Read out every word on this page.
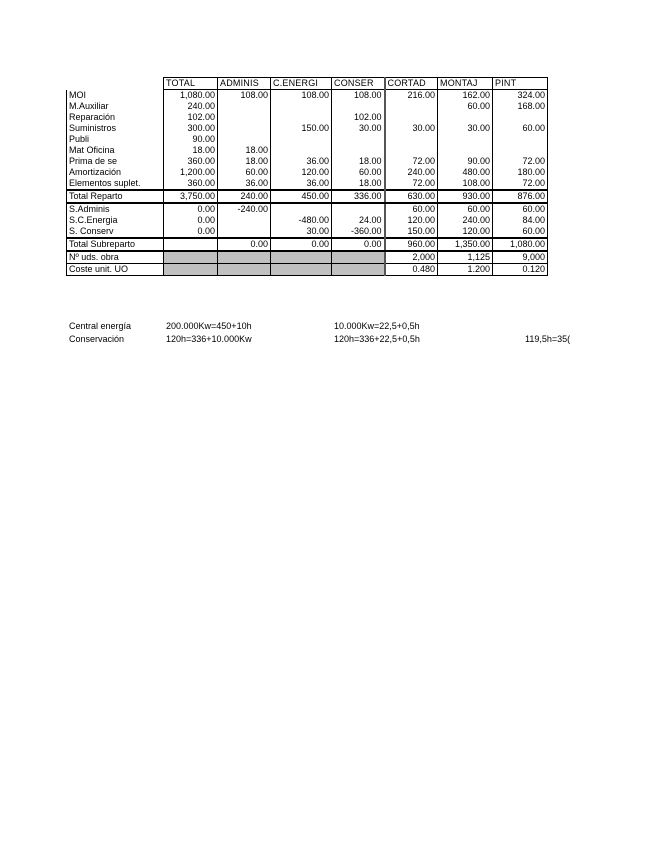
	TOTAL	ADMINIS	C.ENERGI	CONSER	CORTAD	MONTAJ	PINT
MOI	1,080.00	108.00	108.00	108.00	216.00	162.00	324.00
M.Auxiliar	240.00					60.00	168.00
Reparación	102.00			102.00			
Suministros	300.00		150.00	30.00	30.00	30.00	60.00
Publi	90.00						
Mat Oficina	18.00	18.00					
Prima de se	360.00	18.00	36.00	18.00	72.00	90.00	72.00
Amortización	1,200.00	60.00	120.00	60.00	240.00	480.00	180.00
Elementos suplet.	360.00	36.00	36.00	18.00	72.00	108.00	72.00
Total Reparto	3,750.00	240.00	450.00	336.00	630.00	930.00	876.00
S.Adminis	0.00	-240.00			60.00	60.00	60.00
S.C.Energia	0.00		-480.00	24.00	120.00	240.00	84.00
S. Conserv	0.00		30.00	-360.00	150.00	120.00	60.00
Total Subreparto		0.00	0.00	0.00	960.00	1,350.00	1,080.00
Nº uds. obra					2,000	1,125	9,000
Coste unit. UO					0.480	1.200	0.120
Central energía	200.000Kw=450+10h	10.000Kw=22,5+0,5h
Conservación	120h=336+10.000Kw	120h=336+22,5+0,5h	119,5h=35(
